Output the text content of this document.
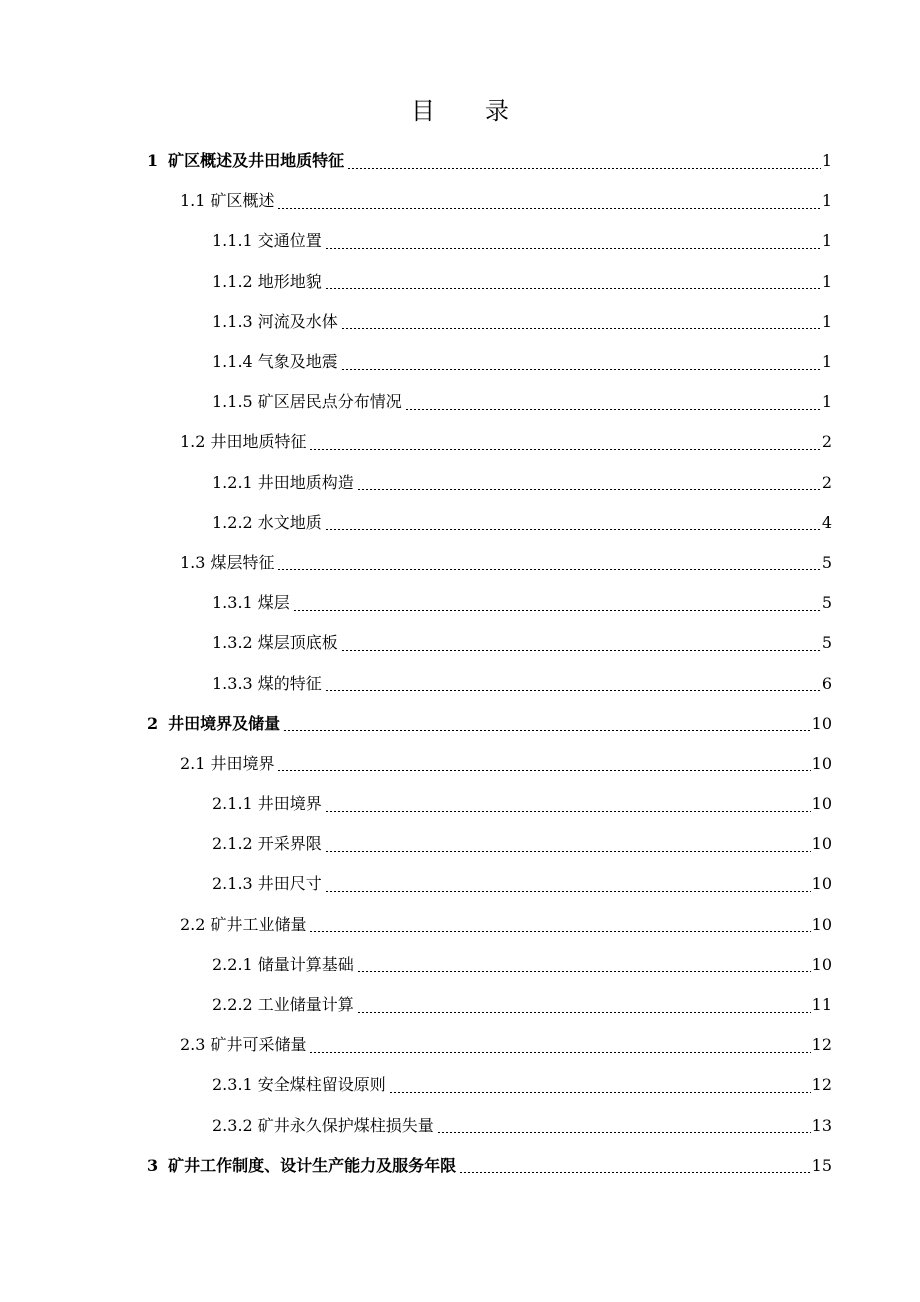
目 录
1 矿区概述及井田地质特征	1
1.1 矿区概述	1
1.1.1 交通位置	1
1.1.2 地形地貌	1
1.1.3 河流及水体	1
1.1.4 气象及地震	1
1.1.5 矿区居民点分布情况	1
1.2 井田地质特征	2
1.2.1 井田地质构造	2
1.2.2 水文地质	4
1.3 煤层特征	5
1.3.1 煤层	5
1.3.2 煤层顶底板	5
1.3.3 煤的特征	6
2 井田境界及储量	10
2.1 井田境界	10
2.1.1 井田境界	10
2.1.2 开采界限	10
2.1.3 井田尺寸	10
2.2 矿井工业储量	10
2.2.1 储量计算基础	10
2.2.2 工业储量计算	11
2.3 矿井可采储量	12
2.3.1 安全煤柱留设原则	12
2.3.2 矿井永久保护煤柱损失量	13
3 矿井工作制度、设计生产能力及服务年限	15
